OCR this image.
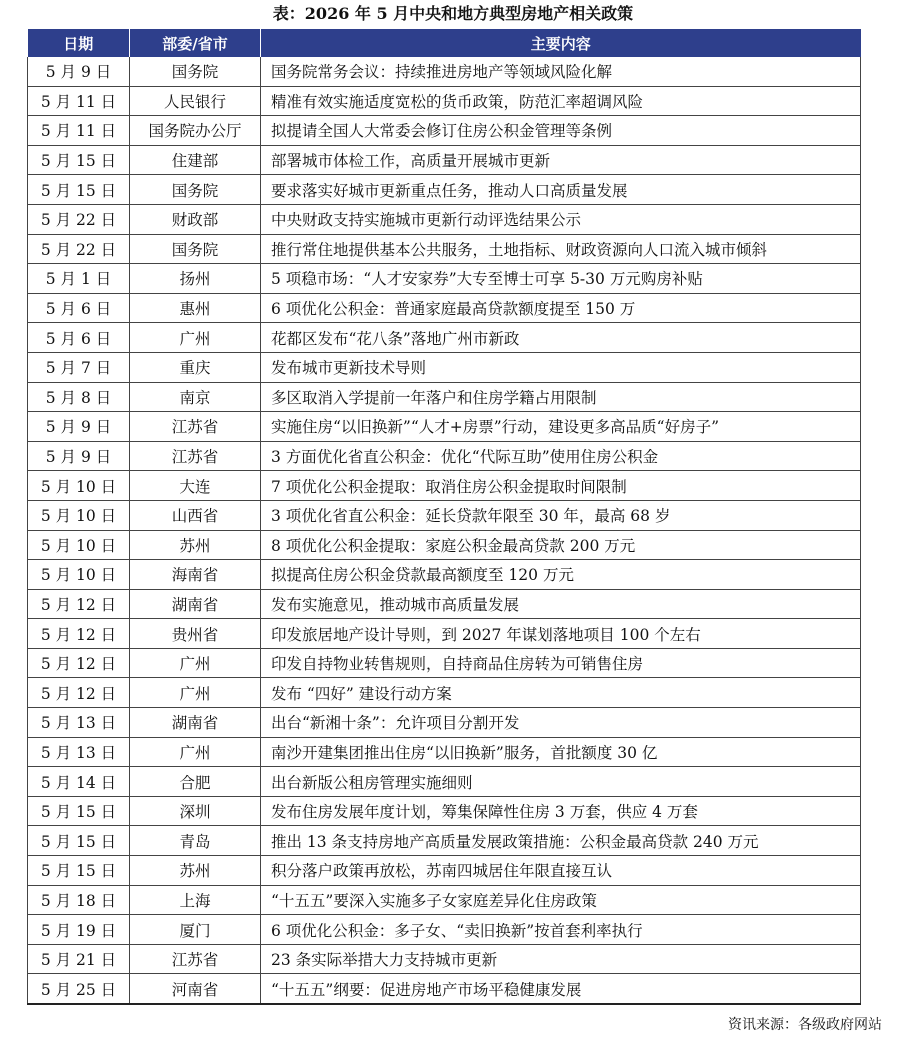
表：2026 年 5 月中央和地方典型房地产相关政策
日期	部委/省市	主要内容
5 月 9 日	国务院	国务院常务会议：持续推进房地产等领域风险化解
5 月 11 日	人民银行	精准有效实施适度宽松的货币政策，防范汇率超调风险
5 月 11 日	国务院办公厅	拟提请全国人大常委会修订住房公积金管理等条例
5 月 15 日	住建部	部署城市体检工作，高质量开展城市更新
5 月 15 日	国务院	要求落实好城市更新重点任务，推动人口高质量发展
5 月 22 日	财政部	中央财政支持实施城市更新行动评选结果公示
5 月 22 日	国务院	推行常住地提供基本公共服务，土地指标、财政资源向人口流入城市倾斜
5 月 1 日	扬州	5 项稳市场：“人才安家券”大专至博士可享 5-30 万元购房补贴
5 月 6 日	惠州	6 项优化公积金：普通家庭最高贷款额度提至 150 万
5 月 6 日	广州	花都区发布“花八条”落地广州市新政
5 月 7 日	重庆	发布城市更新技术导则
5 月 8 日	南京	多区取消入学提前一年落户和住房学籍占用限制
5 月 9 日	江苏省	实施住房“以旧换新”“人才+房票”行动，建设更多高品质“好房子”
5 月 9 日	江苏省	3 方面优化省直公积金：优化“代际互助”使用住房公积金
5 月 10 日	大连	7 项优化公积金提取：取消住房公积金提取时间限制
5 月 10 日	山西省	3 项优化省直公积金：延长贷款年限至 30 年，最高 68 岁
5 月 10 日	苏州	8 项优化公积金提取：家庭公积金最高贷款 200 万元
5 月 10 日	海南省	拟提高住房公积金贷款最高额度至 120 万元
5 月 12 日	湖南省	发布实施意见，推动城市高质量发展
5 月 12 日	贵州省	印发旅居地产设计导则，到 2027 年谋划落地项目 100 个左右
5 月 12 日	广州	印发自持物业转售规则，自持商品住房转为可销售住房
5 月 12 日	广州	发布 “四好” 建设行动方案
5 月 13 日	湖南省	出台“新湘十条”：允许项目分割开发
5 月 13 日	广州	南沙开建集团推出住房“以旧换新”服务，首批额度 30 亿
5 月 14 日	合肥	出台新版公租房管理实施细则
5 月 15 日	深圳	发布住房发展年度计划，筹集保障性住房 3 万套，供应 4 万套
5 月 15 日	青岛	推出 13 条支持房地产高质量发展政策措施：公积金最高贷款 240 万元
5 月 15 日	苏州	积分落户政策再放松，苏南四城居住年限直接互认
5 月 18 日	上海	“十五五”要深入实施多子女家庭差异化住房政策
5 月 19 日	厦门	6 项优化公积金：多子女、“卖旧换新”按首套利率执行
5 月 21 日	江苏省	23 条实际举措大力支持城市更新
5 月 25 日	河南省	“十五五”纲要：促进房地产市场平稳健康发展
资讯来源：各级政府网站
